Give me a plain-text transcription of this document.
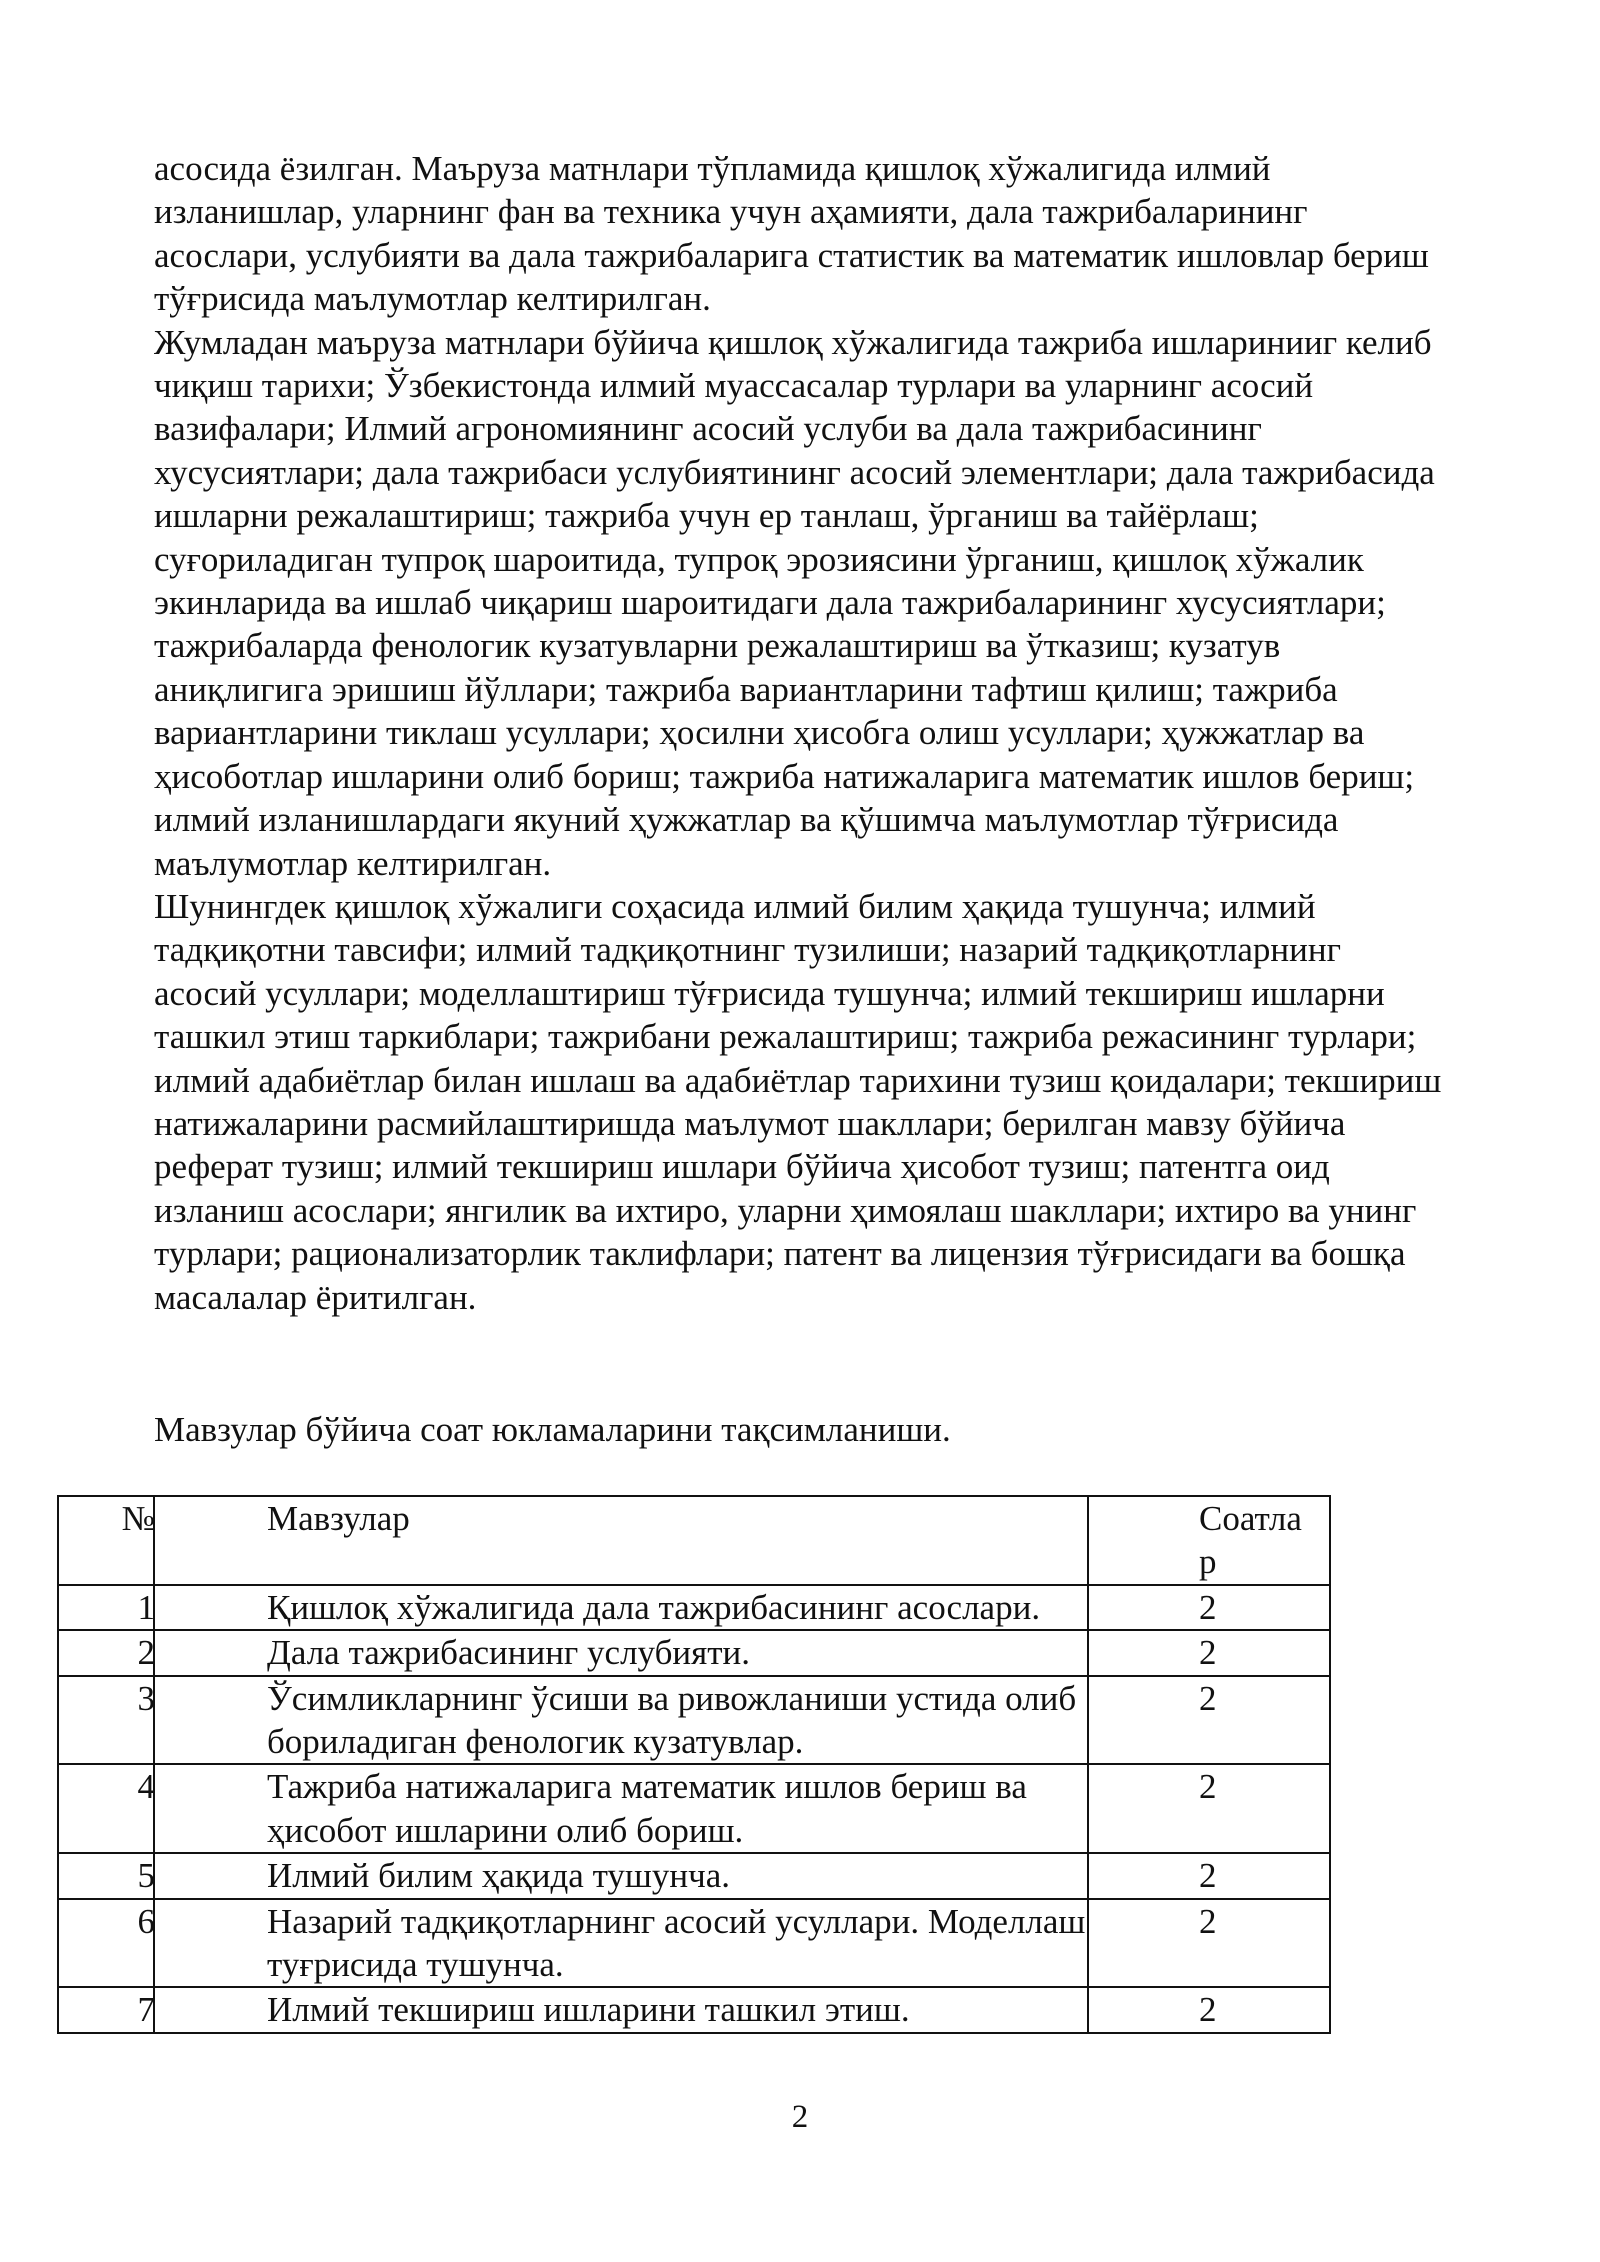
асосида ёзилган. Маъруза матнлари тўпламида қишлоқ хўжалигида илмий

изланишлар, уларнинг фан ва техника учун аҳамияти, дала тажрибаларининг

асослари, услубияти ва дала тажрибаларига статистик ва математик ишловлар бериш

тўғрисида маълумотлар келтирилган.

Жумладан маъруза матнлари бўйича қишлоқ хўжалигида тажриба ишларинииг келиб

чиқиш тарихи; Ўзбекистонда илмий муассасалар турлари ва уларнинг асосий

вазифалари; Илмий агрономиянинг асосий услуби ва дала тажрибасининг

хусусиятлари; дала тажрибаси услубиятининг асосий элементлари; дала тажрибасида

ишларни режалаштириш; тажриба учун ер танлаш, ўрганиш ва тайёрлаш;

суғориладиган тупроқ шароитида, тупроқ эрозиясини ўрганиш, қишлоқ хўжалик

экинларида ва ишлаб чиқариш шароитидаги дала тажрибаларининг хусусиятлари;

тажрибаларда фенологик кузатувларни режалаштириш ва ўтказиш; кузатув

аниқлигига эришиш йўллари; тажриба вариантларини тафтиш қилиш; тажриба

вариантларини тиклаш усуллари; ҳосилни ҳисобга олиш усуллари; ҳужжатлар ва

ҳисоботлар ишларини олиб бориш; тажриба натижаларига математик ишлов бериш;

илмий изланишлардаги якуний ҳужжатлар ва қўшимча маълумотлар тўғрисида

маълумотлар келтирилган.

Шунингдек қишлоқ хўжалиги соҳасида илмий билим ҳақида тушунча; илмий

тадқиқотни тавсифи; илмий тадқиқотнинг тузилиши; назарий тадқиқотларнинг

асосий усуллари; моделлаштириш тўғрисида тушунча; илмий текшириш ишларни

ташкил этиш таркиблари; тажрибани режалаштириш; тажриба режасининг турлари;

илмий адабиётлар билан ишлаш ва адабиётлар тарихини тузиш қоидалари; текшириш

натижаларини расмийлаштиришда маълумот шакллари; берилган мавзу бўйича

реферат тузиш; илмий текшириш ишлари бўйича ҳисобот тузиш; патентга оид

изланиш асослари; янгилик ва ихтиро, уларни ҳимоялаш шакллари; ихтиро ва унинг

турлари; рационализаторлик таклифлари; патент ва лицензия тўғрисидаги ва бошқа

масалалар ёритилган.

Мавзулар бўйича соат юкламаларини тақсимланиши.
№	Мавзулар	Соатлар
1	Қишлоқ хўжалигида дала тажрибасининг асослари.	2
2	Дала тажрибасининг услубияти.	2
3	Ўсимликларнинг ўсиши ва ривожланиши устида олиб бориладиган фенологик кузатувлар.	2
4	Тажриба натижаларига математик ишлов бериш ва ҳисобот ишларини олиб бориш.	2
5	Илмий билим ҳақида тушунча.	2
6	Назарий тадқиқотларнинг асосий усуллари. Моделлаш туғрисида тушунча.	2
7	Илмий текшириш ишларини ташкил этиш.	2
2
